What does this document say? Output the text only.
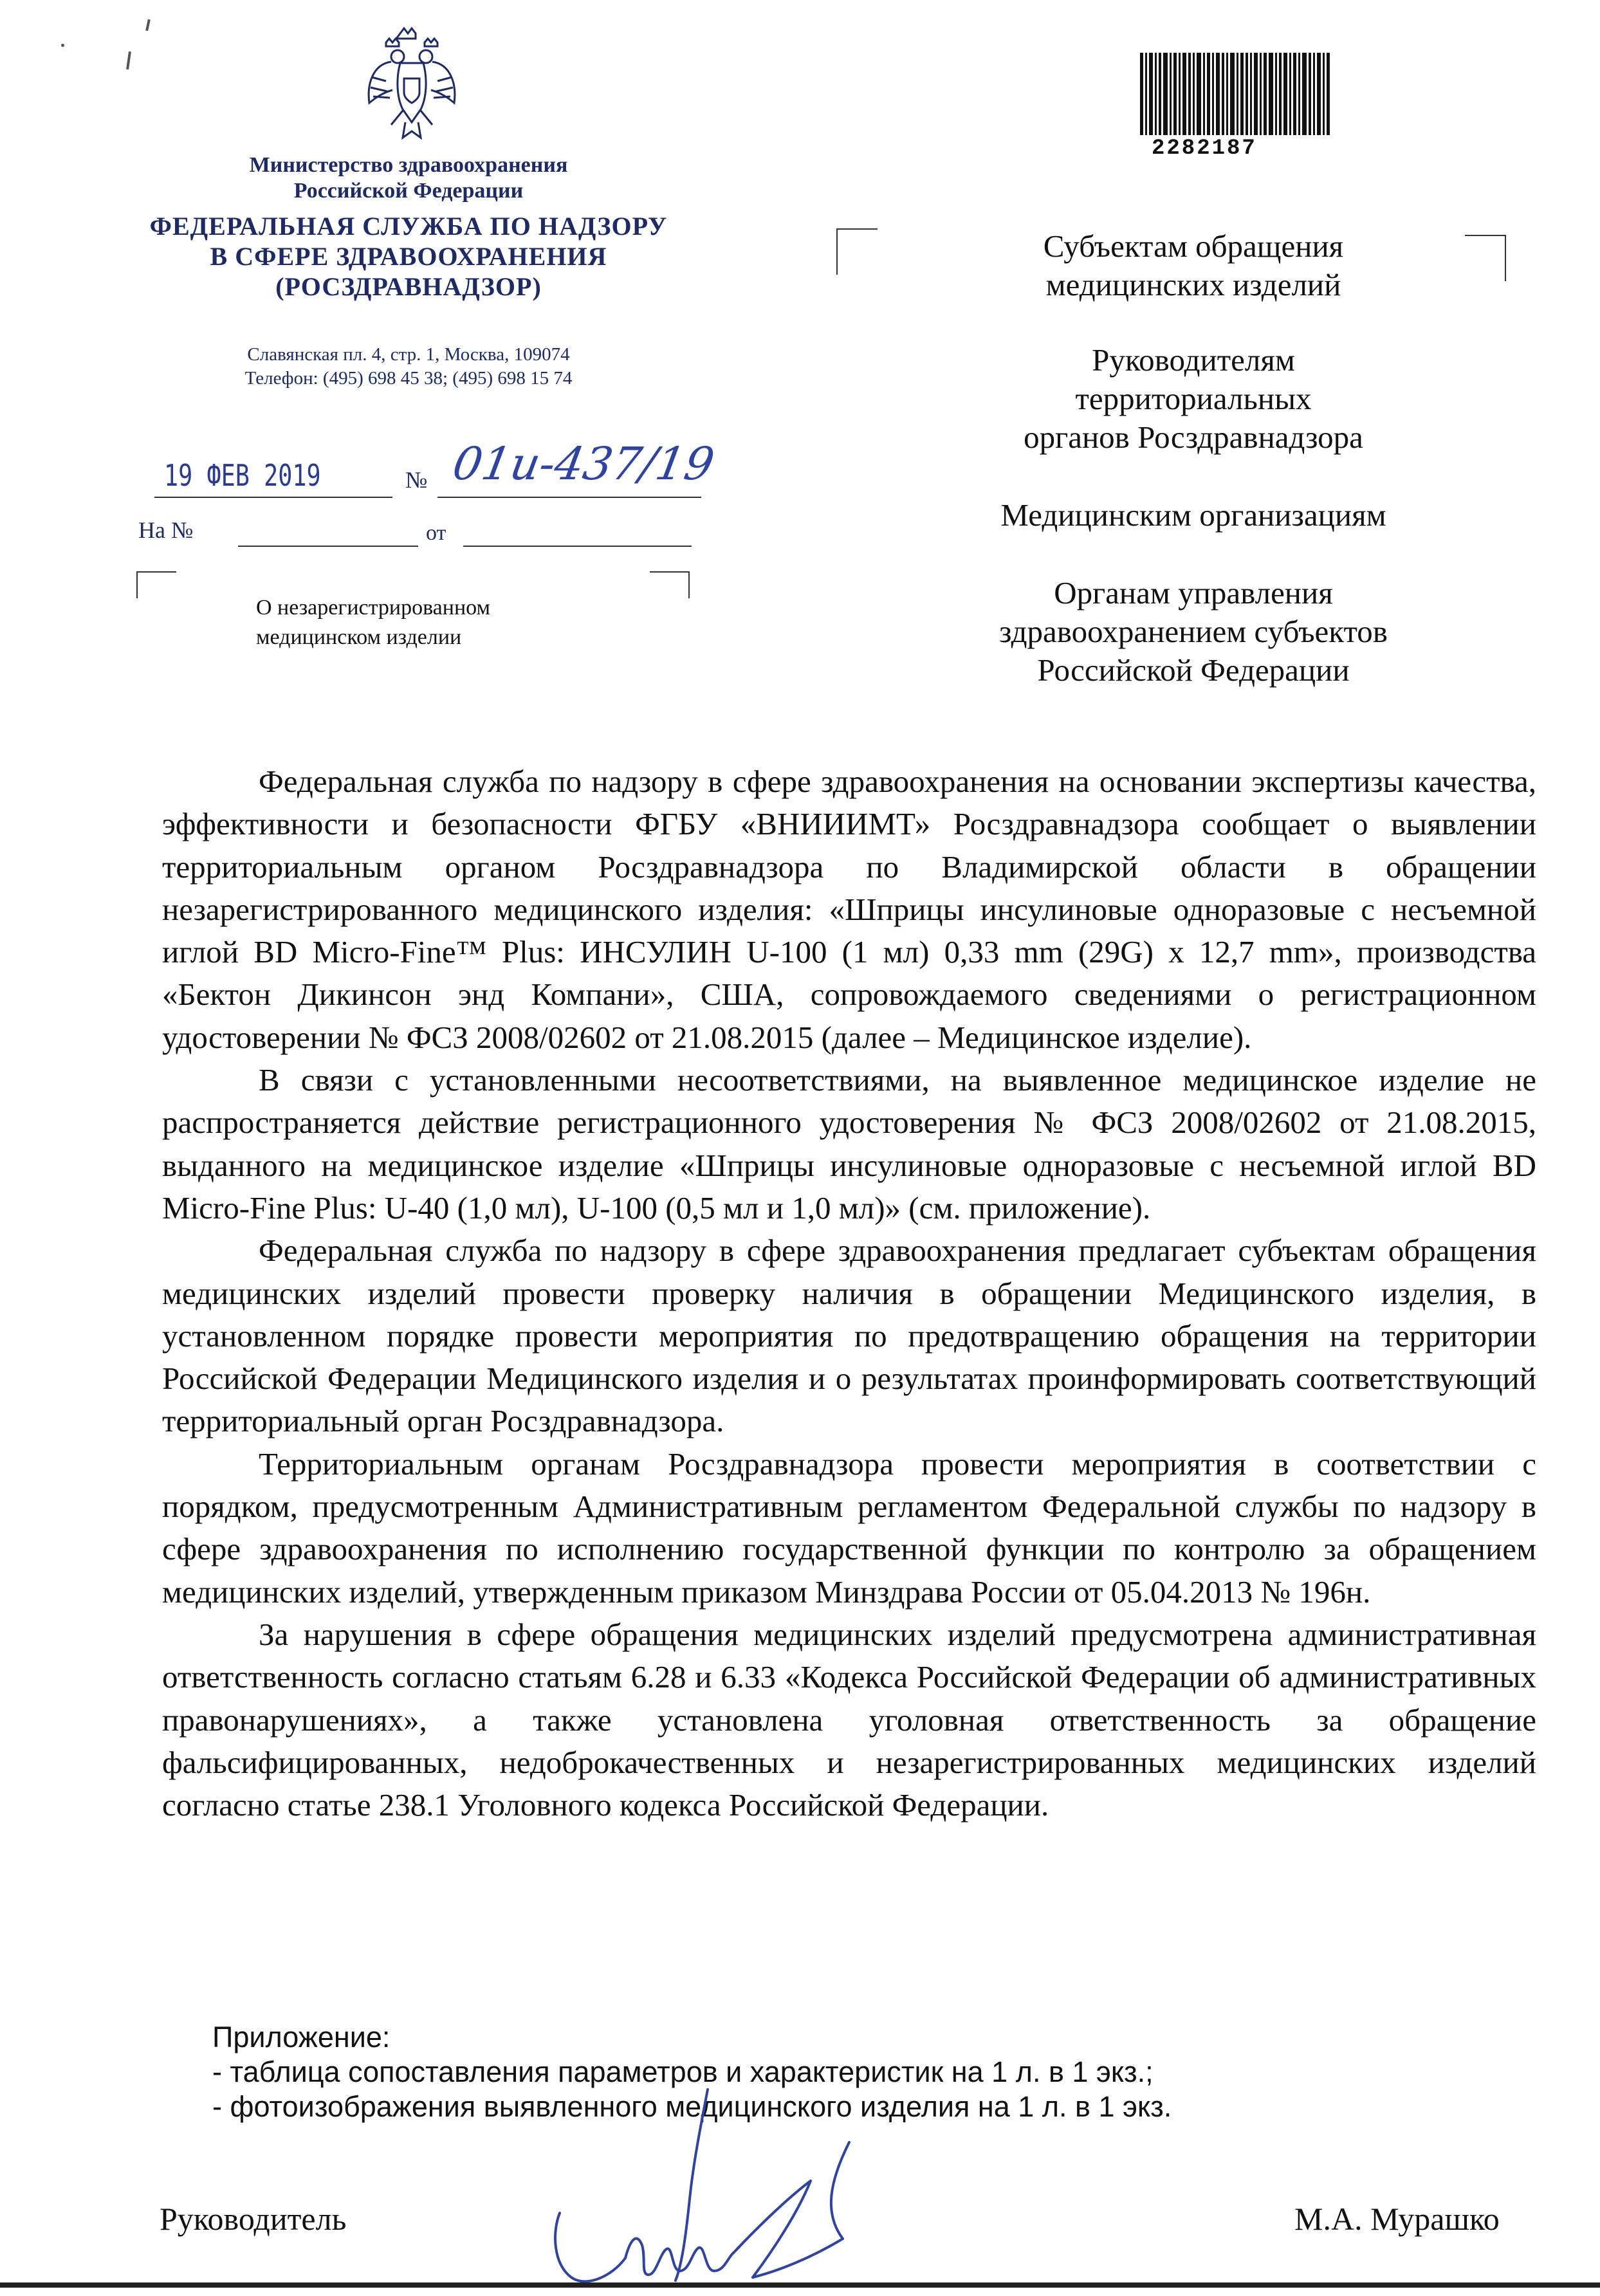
Министерство здравоохранения
Российской Федерации
ФЕДЕРАЛЬНАЯ СЛУЖБА ПО НАДЗОРУ
В СФЕРЕ ЗДРАВООХРАНЕНИЯ
(РОСЗДРАВНАДЗОР)
Славянская пл. 4, стр. 1, Москва, 109074
Телефон: (495) 698 45 38; (495) 698 15 74
19 ФЕВ 2019	№ 01и-437/19
На №	от
О незарегистрированном
медицинском изделии
2282187
Субъектам обращения
медицинских изделий
Руководителям
территориальных
органов Росздравнадзора
Медицинским организациям
Органам управления
здравоохранением субъектов
Российской Федерации

Федеральная служба по надзору в сфере здравоохранения на основании экспертизы качества, эффективности и безопасности ФГБУ «ВНИИИМТ» Росздравнадзора сообщает о выявлении территориальным органом Росздравнадзора по Владимирской области в обращении незарегистрированного медицинского изделия: «Шприцы инсулиновые одноразовые с несъемной иглой BD Micro-Fine™ Plus: ИНСУЛИН U-100 (1 мл) 0,33 mm (29G) x 12,7 mm», производства «Бектон Дикинсон энд Компани», США, сопровождаемого сведениями о регистрационном удостоверении № ФСЗ 2008/02602 от 21.08.2015 (далее – Медицинское изделие).

В связи с установленными несоответствиями, на выявленное медицинское изделие не распространяется действие регистрационного удостоверения № ФСЗ 2008/02602 от 21.08.2015, выданного на медицинское изделие «Шприцы инсулиновые одноразовые с несъемной иглой BD Micro-Fine Plus: U-40 (1,0 мл), U-100 (0,5 мл и 1,0 мл)» (см. приложение).

Федеральная служба по надзору в сфере здравоохранения предлагает субъектам обращения медицинских изделий провести проверку наличия в обращении Медицинского изделия, в установленном порядке провести мероприятия по предотвращению обращения на территории Российской Федерации Медицинского изделия и о результатах проинформировать соответствующий территориальный орган Росздравнадзора.

Территориальным органам Росздравнадзора провести мероприятия в соответствии с порядком, предусмотренным Административным регламентом Федеральной службы по надзору в сфере здравоохранения по исполнению государственной функции по контролю за обращением медицинских изделий, утвержденным приказом Минздрава России от 05.04.2013 № 196н.

За нарушения в сфере обращения медицинских изделий предусмотрена административная ответственность согласно статьям 6.28 и 6.33 «Кодекса Российской Федерации об административных правонарушениях», а также установлена уголовная ответственность за обращение фальсифицированных, недоброкачественных и незарегистрированных медицинских изделий согласно статье 238.1 Уголовного кодекса Российской Федерации.

Приложение:
- таблица сопоставления параметров и характеристик на 1 л. в 1 экз.;
- фотоизображения выявленного медицинского изделия на 1 л. в 1 экз.
Руководитель	М.А. Мурашко
